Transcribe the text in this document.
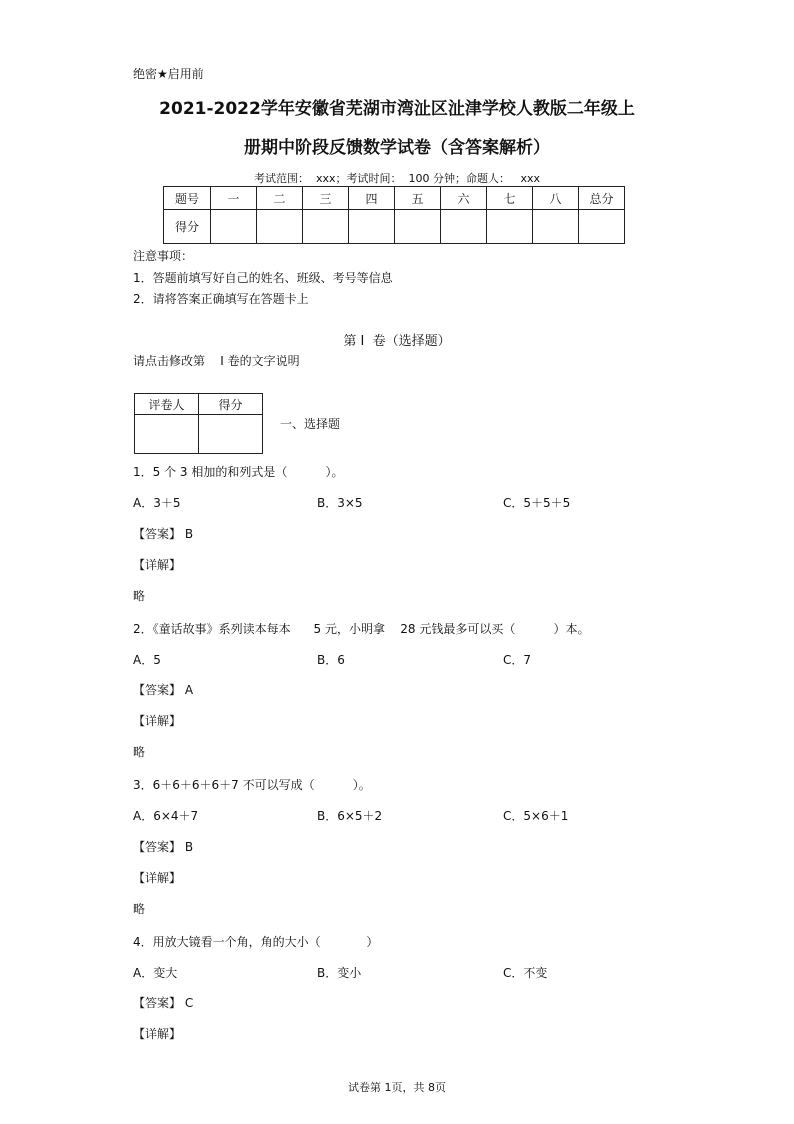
绝密★启用前
2021-2022学年安徽省芜湖市湾沚区沚津学校人教版二年级上
册期中阶段反馈数学试卷（含答案解析）
考试范围：  xxx；考试时间：  100 分钟；命题人：   xxx
题号	一	二	三	四	五	六	七	八	总分
得分									
注意事项：
1．答题前填写好自己的姓名、班级、考号等信息
2．请将答案正确填写在答题卡上
第 I  卷（选择题）
请点击修改第    I 卷的文字说明
评卷人	得分

一、选择题
1．5 个 3 相加的和列式是（          ）。
A．3＋5	B．3×5	C．5＋5＋5
【答案】 B
【详解】
略
2．《童话故事》系列读本每本      5 元，小明拿    28 元钱最多可以买（          ）本。
A．5	B．6	C．7
【答案】 A
【详解】
略
3．6＋6＋6＋6＋7 不可以写成（          ）。
A．6×4＋7	B．6×5＋2	C．5×6＋1
【答案】 B
【详解】
略
4．用放大镜看一个角，角的大小（            ）
A．变大	B．变小	C．不变
【答案】 C
【详解】
试卷第 1页，共 8页
